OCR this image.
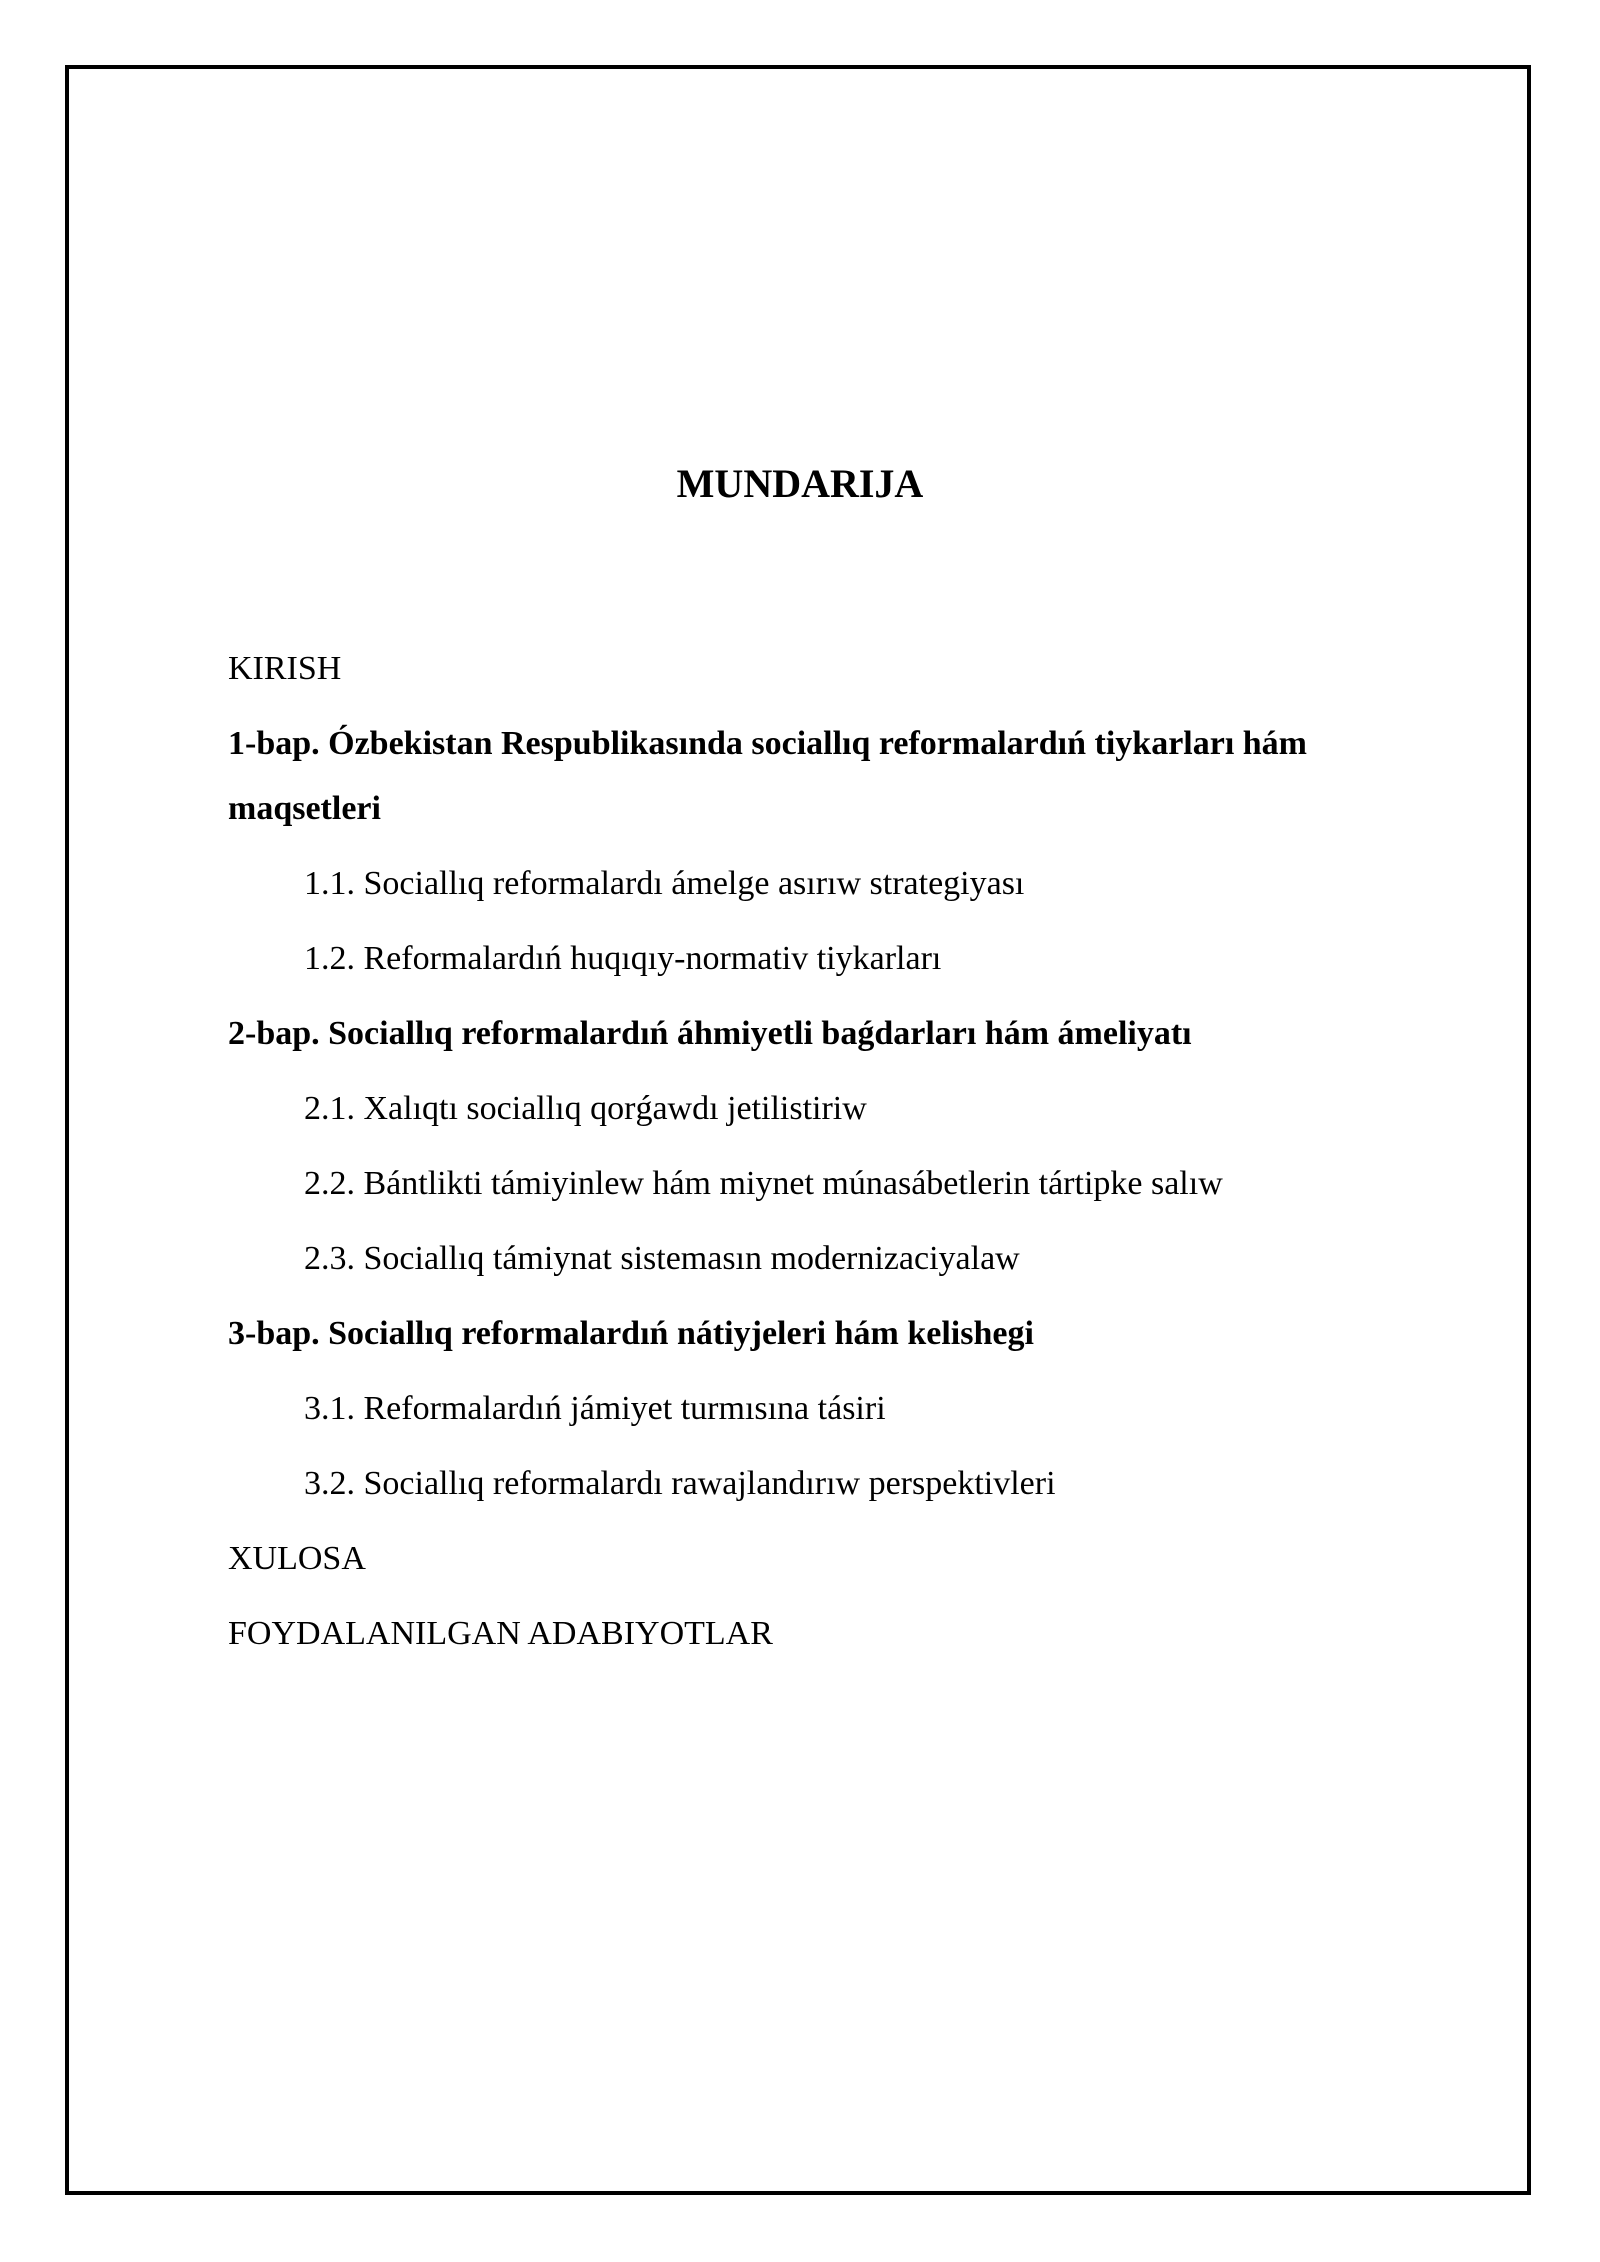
MUNDARIJA
KIRISH
1-bap. Ózbekistan Respublikasında sociallıq reformalardıń tiykarları hám maqsetleri
1.1. Sociallıq reformalardı ámelge asırıw strategiyası
1.2. Reformalardıń huqıqıy-normativ tiykarları
2-bap. Sociallıq reformalardıń áhmiyetli baǵdarları hám ámeliyatı
2.1. Xalıqtı sociallıq qorǵawdı jetilistiriw
2.2. Bántlikti támiyinlew hám miynet múnasábetlerin tártipke salıw
2.3. Sociallıq támiynat sistemasın modernizaciyalaw
3-bap. Sociallıq reformalardıń nátiyjeleri hám kelishegi
3.1. Reformalardıń jámiyet turmısına tásiri
3.2. Sociallıq reformalardı rawajlandırıw perspektivleri
XULOSA
FOYDALANILGAN ADABIYOTLAR
